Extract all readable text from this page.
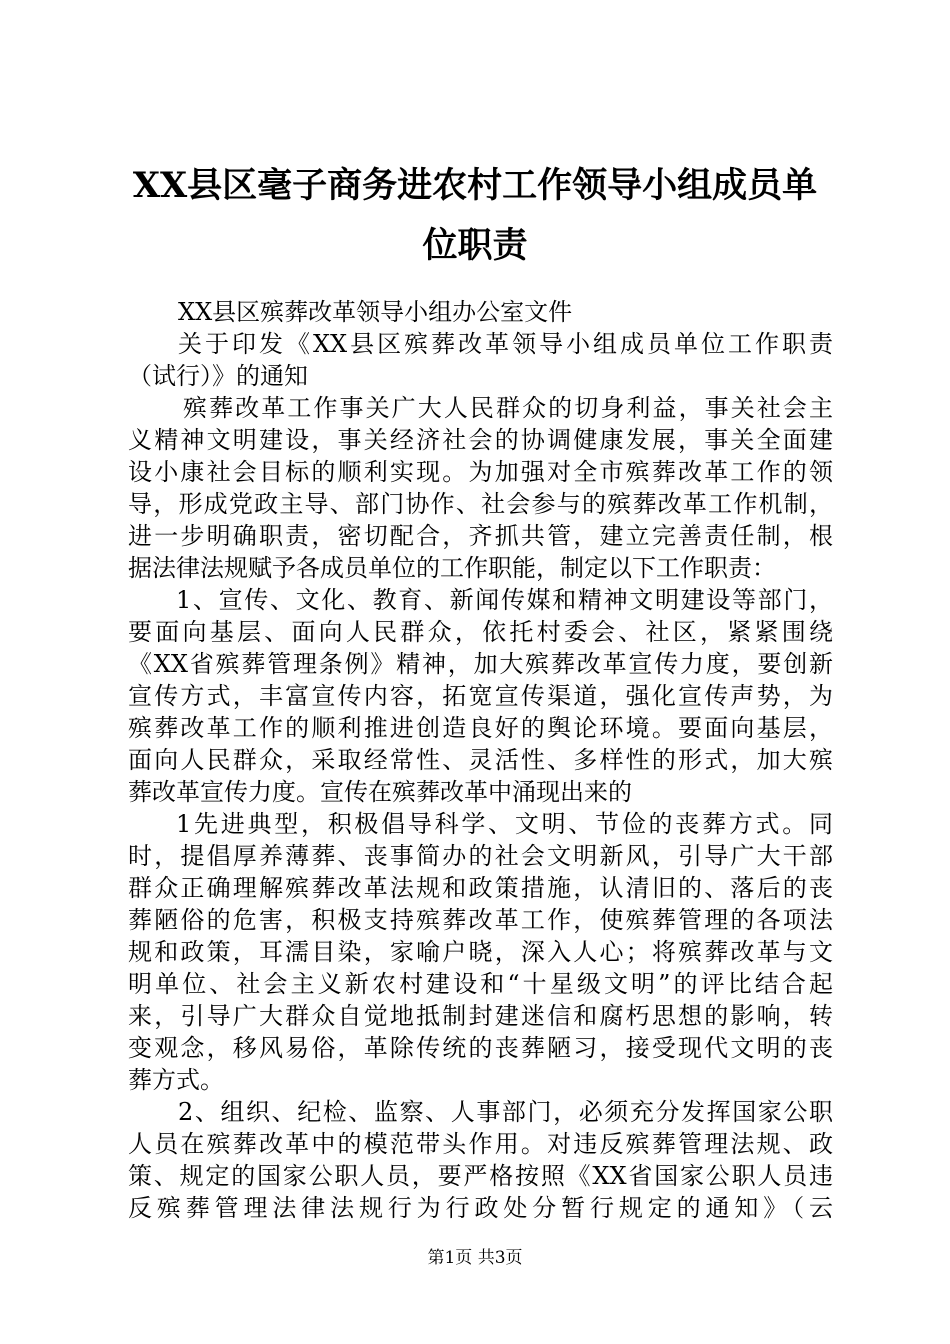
XX县区毫子商务进农村工作领导小组成员单
位职责
XX县区殡葬改革领导小组办公室文件
关于印发《XX县区殡葬改革领导小组成员单位工作职责
（试行）》的通知
殡葬改革工作事关广大人民群众的切身利益，事关社会主
义精神文明建设，事关经济社会的协调健康发展，事关全面建
设小康社会目标的顺利实现。为加强对全市殡葬改革工作的领
导，形成党政主导、部门协作、社会参与的殡葬改革工作机制，
进一步明确职责，密切配合，齐抓共管，建立完善责任制，根
据法律法规赋予各成员单位的工作职能，制定以下工作职责：
1、宣传、文化、教育、新闻传媒和精神文明建设等部门，
要面向基层、面向人民群众，依托村委会、社区，紧紧围绕
《XX省殡葬管理条例》精神，加大殡葬改革宣传力度，要创新
宣传方式，丰富宣传内容，拓宽宣传渠道，强化宣传声势，为
殡葬改革工作的顺利推进创造良好的舆论环境。要面向基层，
面向人民群众，采取经常性、灵活性、多样性的形式，加大殡
葬改革宣传力度。宣传在殡葬改革中涌现出来的
1先进典型，积极倡导科学、文明、节俭的丧葬方式。同
时，提倡厚养薄葬、丧事简办的社会文明新风，引导广大干部
群众正确理解殡葬改革法规和政策措施，认清旧的、落后的丧
葬陋俗的危害，积极支持殡葬改革工作，使殡葬管理的各项法
规和政策，耳濡目染，家喻户晓，深入人心；将殡葬改革与文
明单位、社会主义新农村建设和“十星级文明”的评比结合起
来，引导广大群众自觉地抵制封建迷信和腐朽思想的影响，转
变观念，移风易俗，革除传统的丧葬陋习，接受现代文明的丧
葬方式。
2、组织、纪检、监察、人事部门，必须充分发挥国家公职
人员在殡葬改革中的模范带头作用。对违反殡葬管理法规、政
策、规定的国家公职人员，要严格按照《XX省国家公职人员违
反殡葬管理法律法规行为行政处分暂行规定的通知》（云
第1页 共3页
